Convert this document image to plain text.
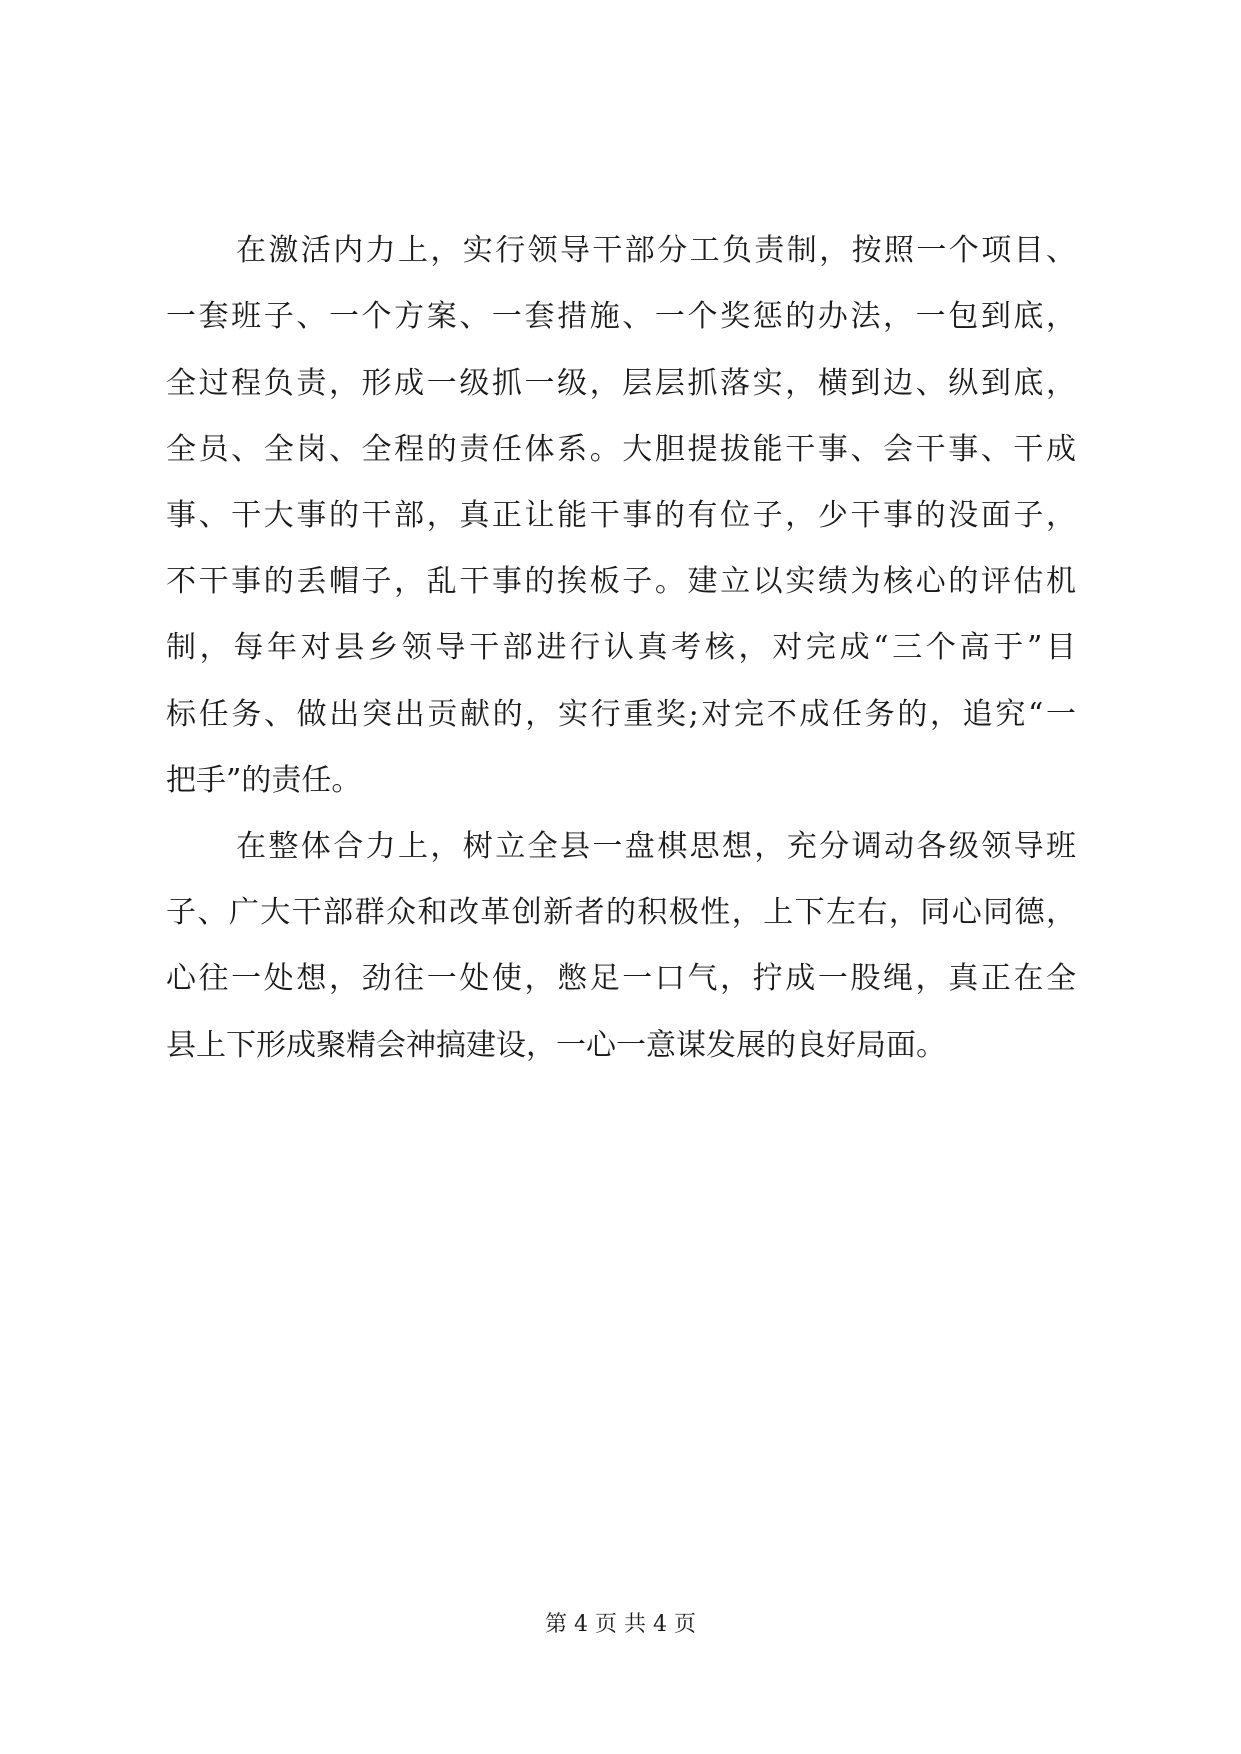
在激活内力上，实行领导干部分工负责制，按照一个项目、
一套班子、一个方案、一套措施、一个奖惩的办法，一包到底，
全过程负责，形成一级抓一级，层层抓落实，横到边、纵到底，
全员、全岗、全程的责任体系。大胆提拔能干事、会干事、干成
事、干大事的干部，真正让能干事的有位子，少干事的没面子，
不干事的丢帽子，乱干事的挨板子。建立以实绩为核心的评估机
制，每年对县乡领导干部进行认真考核，对完成“三个高于”目
标任务、做出突出贡献的，实行重奖;对完不成任务的，追究“一
把手”的责任。
在整体合力上，树立全县一盘棋思想，充分调动各级领导班
子、广大干部群众和改革创新者的积极性，上下左右，同心同德，
心往一处想，劲往一处使，憋足一口气，拧成一股绳，真正在全
县上下形成聚精会神搞建设，一心一意谋发展的良好局面。
第 4 页 共 4 页
